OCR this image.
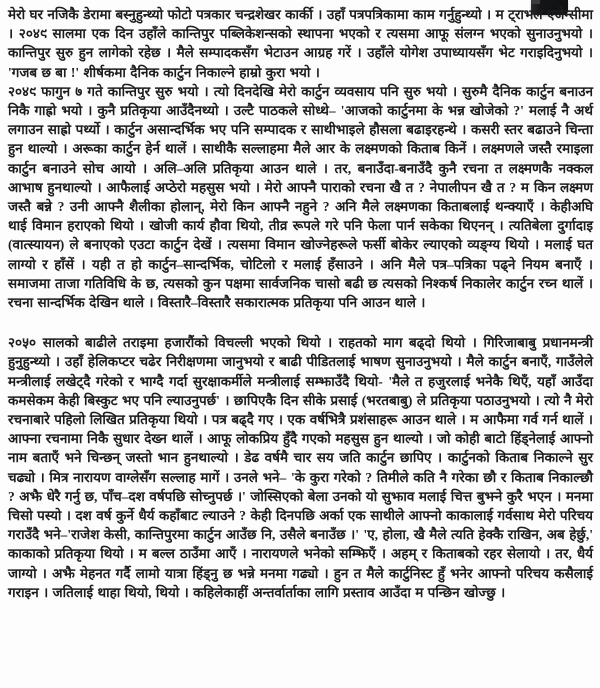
मेरो घर नजिकै डेरामा बस्नुहुन्थ्यो फोटो पत्रकार चन्द्रशेखर कार्की । उहाँ पत्रपत्रिकामा काम गर्नुहुन्थ्यो । म ट्राभल एजेन्सीमा । २०४९ सालमा एक दिन उहाँले कान्तिपुर पब्लिकेशन्सको स्थापना भएको र त्यसमा आफू संलग्न भएको सुनाउनुभयो । कान्तिपुर सुरु हुन लागेको रहेछ । मैले सम्पादकसँग भेटाउन आग्रह गरें । उहाँले योगेश उपाध्यायसँग भेट गराइदिनुभयो । 'गजब छ बा !' शीर्षकमा दैनिक कार्टुन निकाल्ने हाम्रो कुरा भयो ।

२०४९ फागुन ७ गते कान्तिपुर सुरु भयो । त्यो दिनदेखि मेरो कार्टुन व्यवसाय पनि सुरु भयो । सुरुमै दैनिक कार्टुन बनाउन निकै गाह्रो भयो । कुनै प्रतिकृया आउँदैनथ्यो । उल्टै पाठकले सोध्थे– 'आजको कार्टुनमा के भन्न खोजेको ?' मलाई नै अर्थ लगाउन साह्रो पर्थ्यो । कार्टुन असान्दर्भिक भए पनि सम्पादक र साथीभाइले हौसला बढाइरहन्थे । कसरी स्तर बढाउने चिन्ता हुन थाल्यो । अरूका कार्टुन हेर्न थालें । साथीकै सल्लाहमा मैले आर के लक्ष्मणको किताब किनें । लक्ष्मणले जस्तै रमाइला कार्टुन बनाउने सोच आयो । अलि–अलि प्रतिकृया आउन थाले । तर, बनाउँदा-बनाउँदै कुनै रचना त लक्ष्मणकै नक्कल आभाष हुनथाल्यो । आफैलाई अप्ठेरो महसुस भयो । मेरो आफ्नै पाराको रचना खै त ? नेपालीपन खै त ? म किन लक्ष्मण जस्तै बन्ने ? उनी आफ्नै शैलीका होलान्, मेरो किन आफ्नै नहुने ? अनि मैले लक्ष्मणका किताबलाई थन्क्याएँ । केहीअघि थाई विमान हराएको थियो । खोजी कार्य हौवा थियो, तीव्र रूपले गरे पनि फेला पार्न सकेका थिएनन् । त्यतिबेला दुर्गादाइ (वात्स्यायन) ले बनाएको एउटा कार्टुन देखें । त्यसमा विमान खोज्नेहरूले फर्सी बोकेर ल्याएको व्यङ्ग्य थियो । मलाई घत लाग्यो र हाँसें । यही त हो कार्टुन–सान्दर्भिक, चोटिलो र मलाई हँसाउने । अनि मैले पत्र–पत्रिका पढ्ने नियम बनाएँ । समाजमा ताजा गतिविधि के छ, त्यसको कुन पक्षमा सार्वजनिक चासो बढी छ त्यसको निश्कर्ष निकालेर कार्टुन रच्न थालें । रचना सान्दर्भिक देखिन थाले । विस्तारै–विस्तारै सकारात्मक प्रतिकृया पनि आउन थाले ।

२०५० सालको बाढीले तराइमा हजारौंको विचल्ली भएको थियो । राहतको माग बढ्दो थियो । गिरिजाबाबु प्रधानमन्त्री हुनुहुन्थ्यो । उहाँ हेलिकप्टर चढेर निरीक्षणमा जानुभयो र बाढी पीडितलाई भाषण सुनाउनुभयो । मैले कार्टुन बनाएँ, गाउँलेले मन्त्रीलाई लखेट्दै गरेको र भाग्दै गर्दा सुरक्षाकर्मीले मन्त्रीलाई सम्झाउँदै थियो- 'मैले त हजुरलाई भनेकै थिएँ, यहाँ आउँदा कमसेकम केही बिस्कुट भए पनि ल्याउनुपर्छ' । छापिएकै दिन सीके प्रसाई (भरतबाबु) ले प्रतिकृया पठाउनुभयो । त्यो नै मेरो रचनाबारे पहिलो लिखित प्रतिकृया थियो । पत्र बढ्दै गए । एक वर्षभित्रै प्रशंसाहरू आउन थाले । म आफैमा गर्व गर्न थालें । आफ्ना रचनामा निकै सुधार देख्न थालें । आफू लोकप्रिय हुँदै गएको महसुस हुन थाल्यो । जो कोही बाटो हिंड्नेलाई आफ्नो नाम बताएँ भने चिन्छन् जस्तो भान हुनथाल्यो । डेढ वर्षमै चार सय जति कार्टुन छापिए । कार्टुनको किताब निकाल्ने सुर चढ्यो । मित्र नारायण वाग्लेसँग सल्लाह मागें । उनले भने– 'के कुरा गरेको ? तिमीले कति नै गरेका छौ र किताब निकाल्छौ ? अझै धेरै गर्नु छ, पाँच–दश वर्षपछि सोच्नुपर्छ ।' जोस्सिएको बेला उनको यो सुझाव मलाई चित्त बुझ्ने कुरै भएन । मनमा चिसो पस्यो । दश वर्ष कुर्ने धैर्य कहाँबाट ल्याउने ? केही दिनपछि अर्का एक साथीले आफ्नो काकालाई गर्वसाथ मेरो परिचय गराउँदै भने–'राजेश केसी, कान्तिपुरमा कार्टुन आउँछ नि, उसैले बनाउँछ ।' 'ए, होला, खै मैले त्यति हेक्कै राखिन, अब हेर्छु,' काकाको प्रतिकृया थियो । म बल्ल ठाउँमा आएँ । नारायणले भनेको सम्झिएँ । अहम् र किताबको रहर सेलायो । तर, धैर्य जाग्यो । अझै मेहनत गर्दै लामो यात्रा हिंड्नु छ भन्ने मनमा गढ्यो । हुन त मैले कार्टुनिस्ट हुँ भनेर आफ्नो परिचय कसैलाई गराइन । जतिलाई थाहा थियो, थियो । कहिलेकाहीं अन्तर्वार्ताका लागि प्रस्ताव आउँदा म पन्छिन खोज्छु ।
